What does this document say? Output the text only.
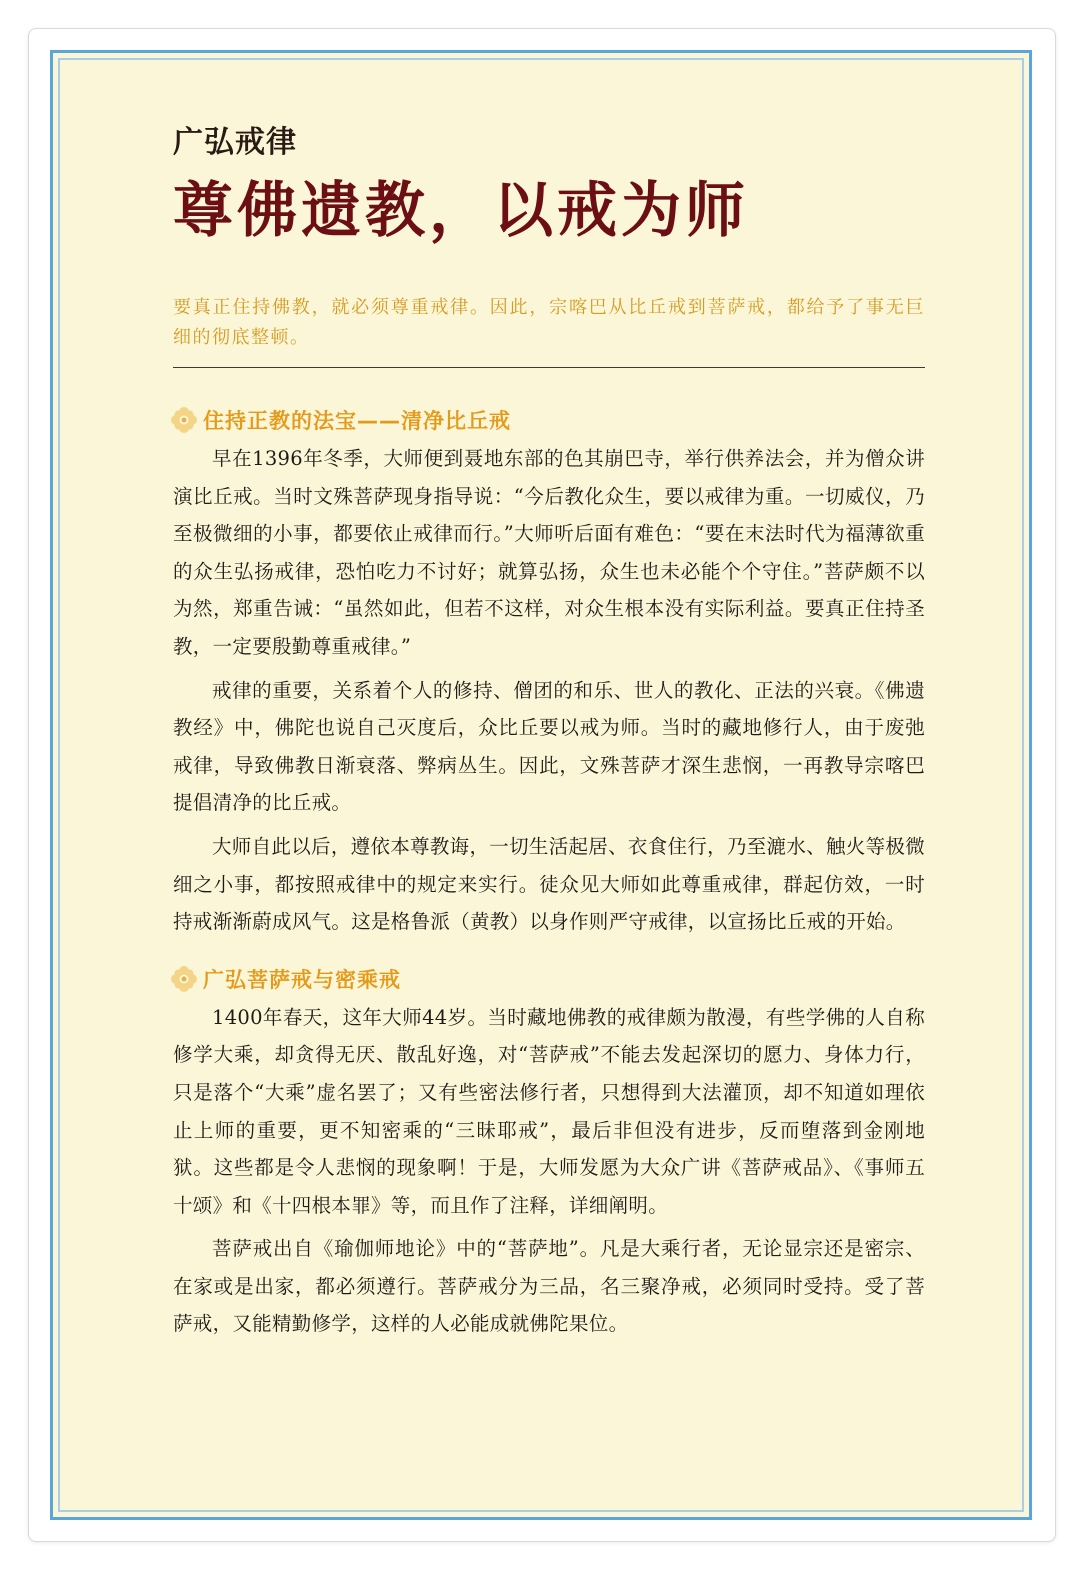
广弘戒律
尊佛遗教，以戒为师
要真正住持佛教，就必须尊重戒律。因此，宗喀巴从比丘戒到菩萨戒，都给予了事无巨细的彻底整顿。
住持正教的法宝——清净比丘戒

早在1396年冬季，大师便到聂地东部的色其崩巴寺，举行供养法会，并为僧众讲演比丘戒。当时文殊菩萨现身指导说：“今后教化众生，要以戒律为重。一切威仪，乃至极微细的小事，都要依止戒律而行。”大师听后面有难色：“要在末法时代为福薄欲重的众生弘扬戒律，恐怕吃力不讨好；就算弘扬，众生也未必能个个守住。”菩萨颇不以为然，郑重告诫：“虽然如此，但若不这样，对众生根本没有实际利益。要真正住持圣教，一定要殷勤尊重戒律。”

戒律的重要，关系着个人的修持、僧团的和乐、世人的教化、正法的兴衰。《佛遗教经》中，佛陀也说自己灭度后，众比丘要以戒为师。当时的藏地修行人，由于废弛戒律，导致佛教日渐衰落、弊病丛生。因此，文殊菩萨才深生悲悯，一再教导宗喀巴提倡清净的比丘戒。

大师自此以后，遵依本尊教诲，一切生活起居、衣食住行，乃至漉水、触火等极微细之小事，都按照戒律中的规定来实行。徒众见大师如此尊重戒律，群起仿效，一时持戒渐渐蔚成风气。这是格鲁派（黄教）以身作则严守戒律，以宣扬比丘戒的开始。

广弘菩萨戒与密乘戒

1400年春天，这年大师44岁。当时藏地佛教的戒律颇为散漫，有些学佛的人自称修学大乘，却贪得无厌、散乱好逸，对“菩萨戒”不能去发起深切的愿力、身体力行，只是落个“大乘”虚名罢了；又有些密法修行者，只想得到大法灌顶，却不知道如理依止上师的重要，更不知密乘的“三昧耶戒”，最后非但没有进步，反而堕落到金刚地狱。这些都是令人悲悯的现象啊！于是，大师发愿为大众广讲《菩萨戒品》、《事师五十颂》和《十四根本罪》等，而且作了注释，详细阐明。

菩萨戒出自《瑜伽师地论》中的“菩萨地”。凡是大乘行者，无论显宗还是密宗、在家或是出家，都必须遵行。菩萨戒分为三品，名三聚净戒，必须同时受持。受了菩萨戒，又能精勤修学，这样的人必能成就佛陀果位。
